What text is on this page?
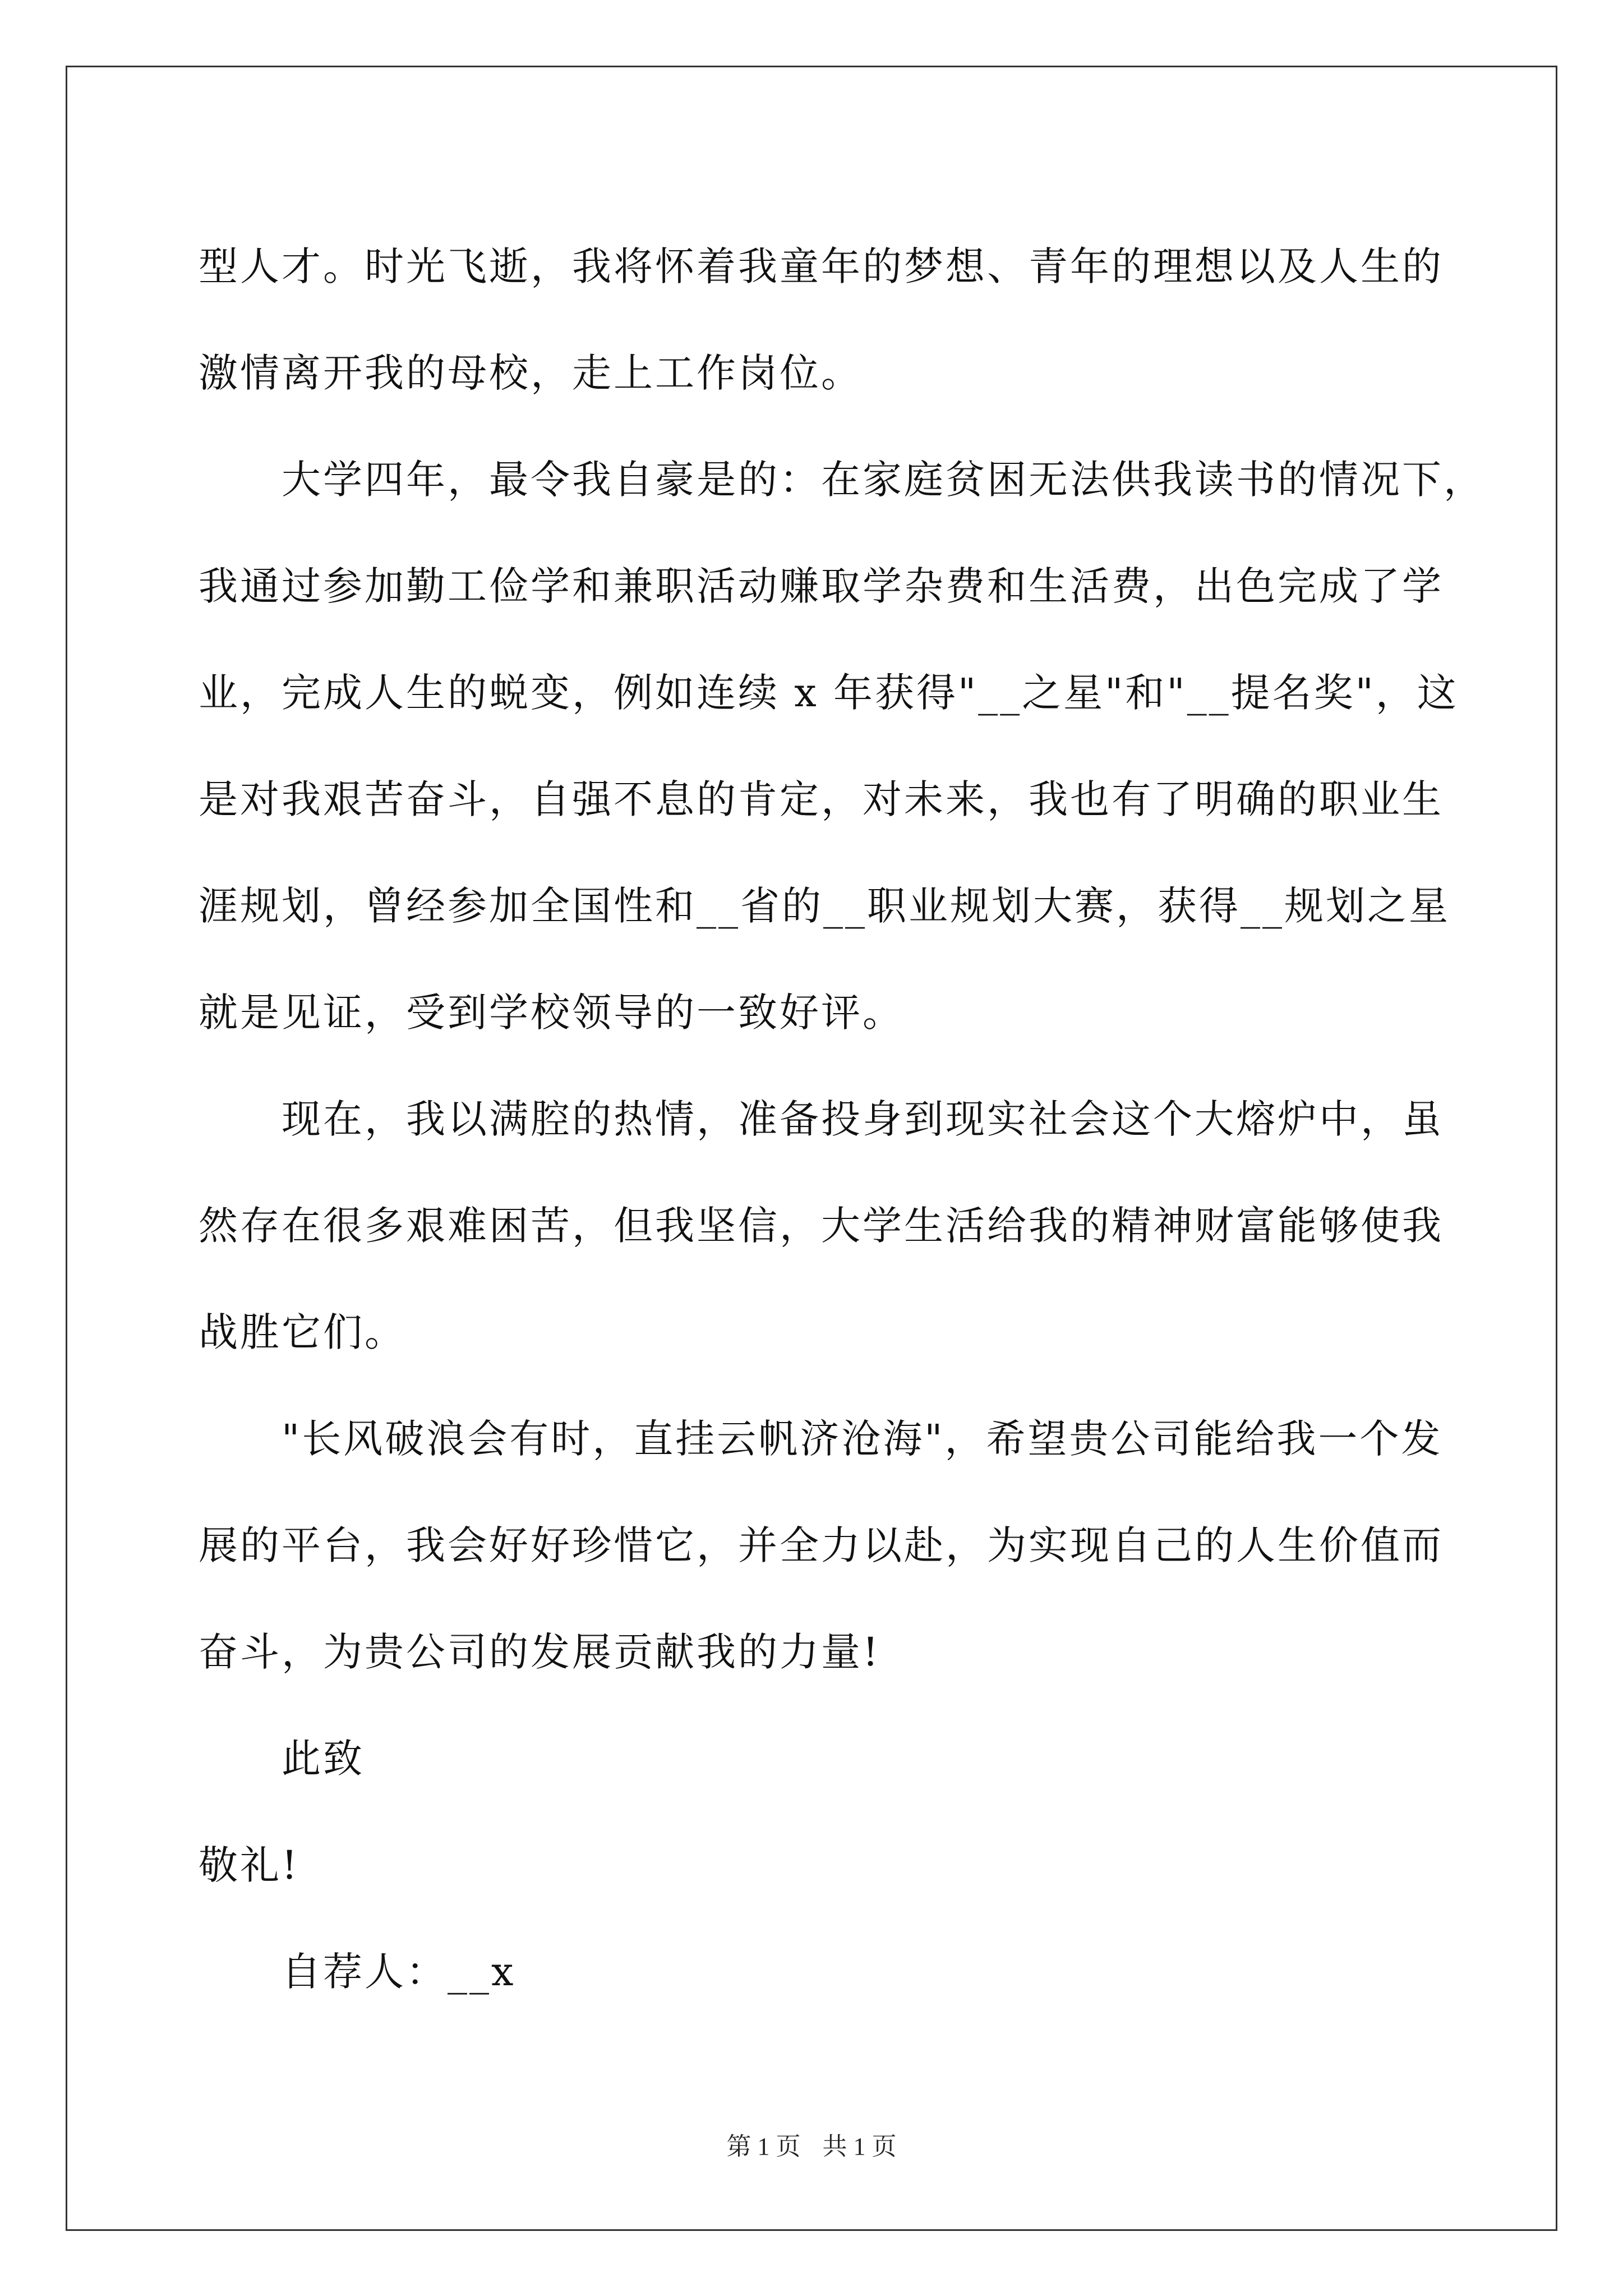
型人才。时光飞逝，我将怀着我童年的梦想、青年的理想以及人生的
激情离开我的母校，走上工作岗位。
大学四年，最令我自豪是的：在家庭贫困无法供我读书的情况下，
我通过参加勤工俭学和兼职活动赚取学杂费和生活费，出色完成了学
业，完成人生的蜕变，例如连续 x 年获得"__之星"和"__提名奖"，这
是对我艰苦奋斗，自强不息的肯定，对未来，我也有了明确的职业生
涯规划，曾经参加全国性和__省的__职业规划大赛，获得__规划之星
就是见证，受到学校领导的一致好评。
现在，我以满腔的热情，准备投身到现实社会这个大熔炉中，虽
然存在很多艰难困苦，但我坚信，大学生活给我的精神财富能够使我
战胜它们。
"长风破浪会有时，直挂云帆济沧海"，希望贵公司能给我一个发
展的平台，我会好好珍惜它，并全力以赴，为实现自己的人生价值而
奋斗，为贵公司的发展贡献我的力量!
此致
敬礼!
自荐人：__x
第 1 页 共 1 页
